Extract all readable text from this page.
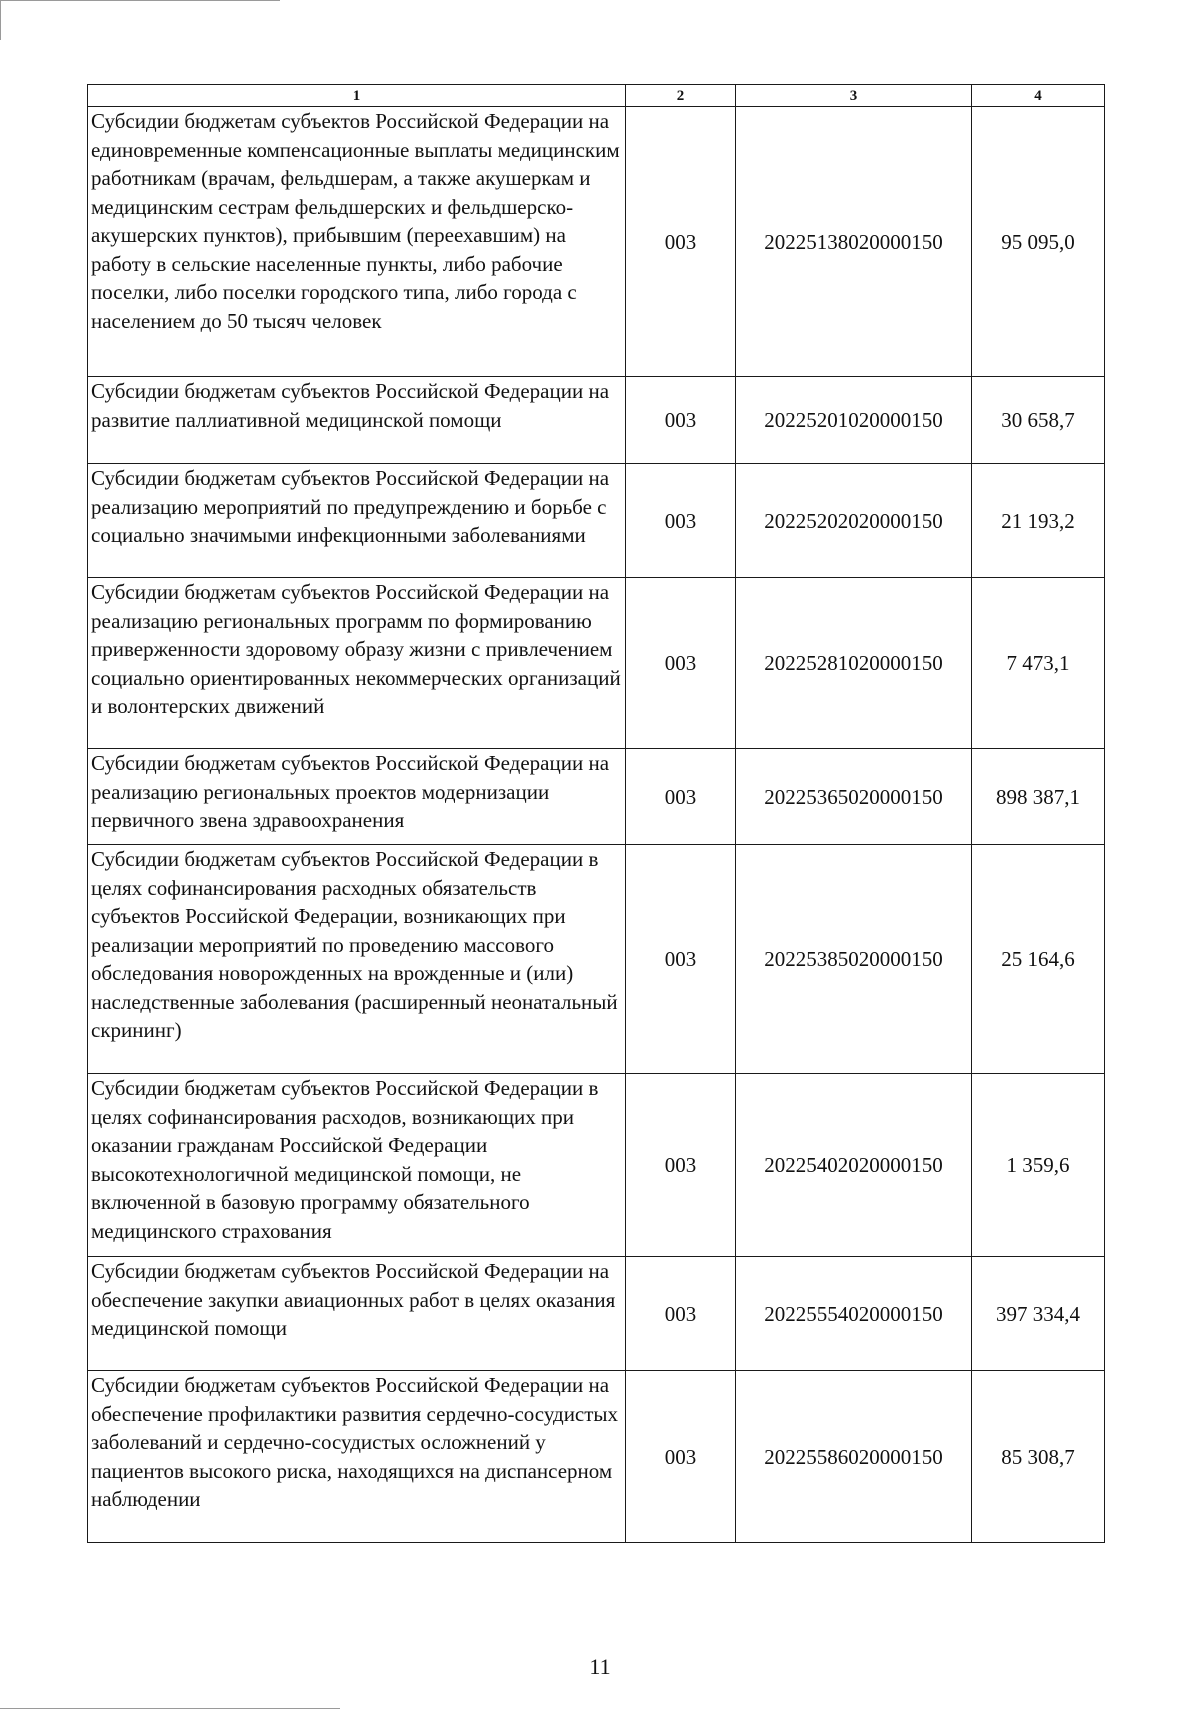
1	2	3	4
Субсидии бюджетам субъектов Российской Федерации на единовременные компенсационные выплаты медицинским работникам (врачам, фельдшерам, а также акушеркам и медицинским сестрам фельдшерских и фельдшерско-акушерских пунктов), прибывшим (переехавшим) на работу в сельские населенные пункты, либо рабочие поселки, либо поселки городского типа, либо города с населением до 50 тысяч человек	003	20225138020000150	95 095,0
Субсидии бюджетам субъектов Российской Федерации на развитие паллиативной медицинской помощи	003	20225201020000150	30 658,7
Субсидии бюджетам субъектов Российской Федерации на реализацию мероприятий по предупреждению и борьбе с социально значимыми инфекционными заболеваниями	003	20225202020000150	21 193,2
Субсидии бюджетам субъектов Российской Федерации на реализацию региональных программ по формированию приверженности здоровому образу жизни с привлечением социально ориентированных некоммерческих организаций и волонтерских движений	003	20225281020000150	7 473,1
Субсидии бюджетам субъектов Российской Федерации на реализацию региональных проектов модернизации первичного звена здравоохранения	003	20225365020000150	898 387,1
Субсидии бюджетам субъектов Российской Федерации в целях софинансирования расходных обязательств субъектов Российской Федерации, возникающих при реализации мероприятий по проведению массового обследования новорожденных на врожденные и (или) наследственные заболевания (расширенный неонатальный скрининг)	003	20225385020000150	25 164,6
Субсидии бюджетам субъектов Российской Федерации в целях софинансирования расходов, возникающих при оказании гражданам Российской Федерации высокотехнологичной медицинской помощи, не включенной в базовую программу обязательного медицинского страхования	003	20225402020000150	1 359,6
Субсидии бюджетам субъектов Российской Федерации на обеспечение закупки авиационных работ в целях оказания медицинской помощи	003	20225554020000150	397 334,4
Субсидии бюджетам субъектов Российской Федерации на обеспечение профилактики развития сердечно-сосудистых заболеваний и сердечно-сосудистых осложнений у пациентов высокого риска, находящихся на диспансерном наблюдении	003	20225586020000150	85 308,7
11
